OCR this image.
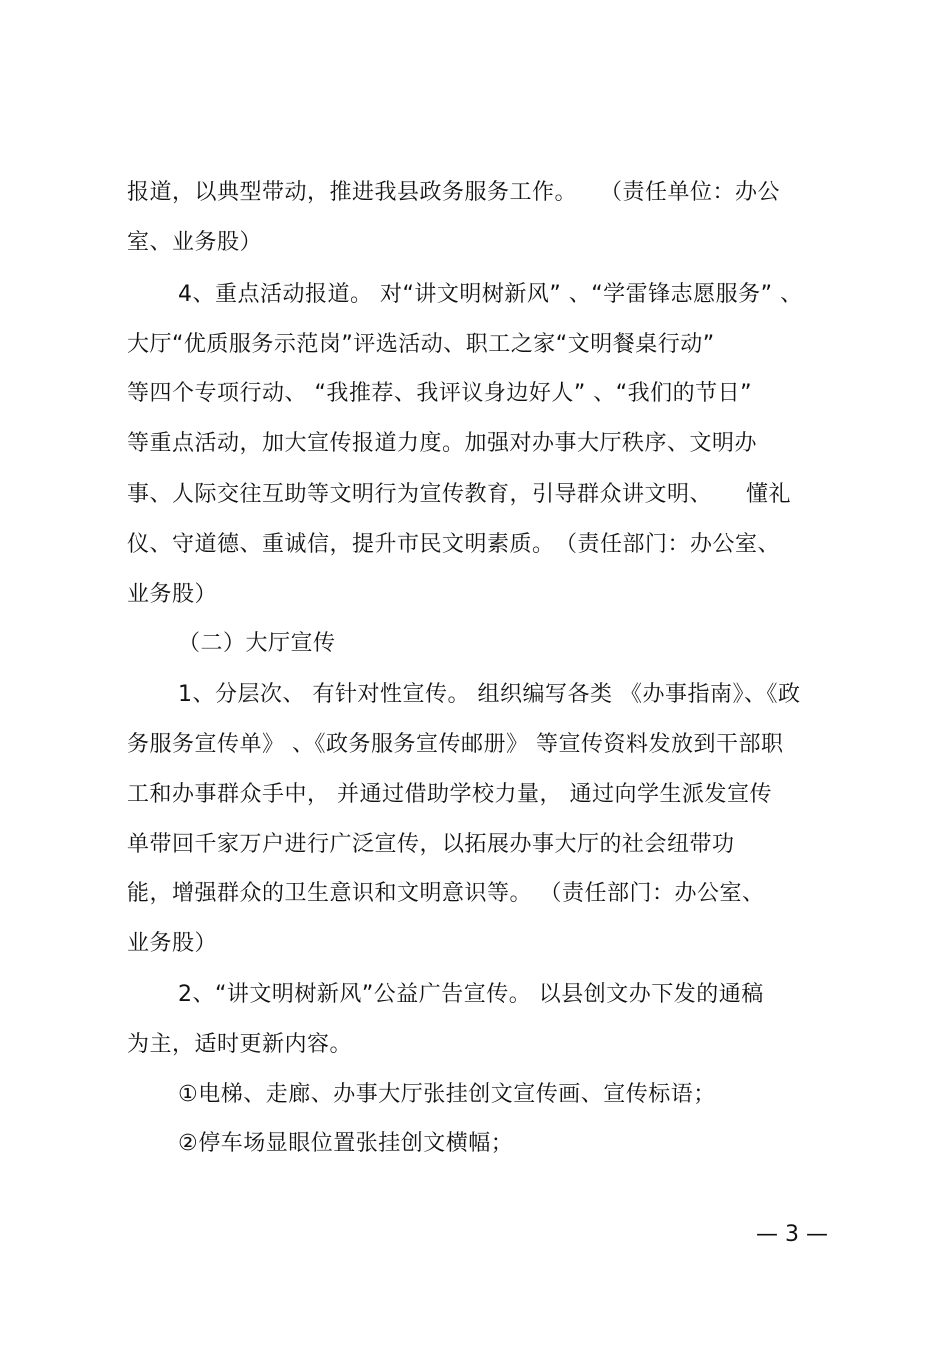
报道，以典型带动，推进我县政务服务工作。　　（责任单位：办公
室、业务股）
4、重点活动报道。 对“讲文明树新风” 、“学雷锋志愿服务” 、
大厅“优质服务示范岗”评选活动、职工之家“文明餐桌行动”
等四个专项行动、 “我推荐、我评议身边好人” 、“我们的节日”
等重点活动，加大宣传报道力度。加强对办事大厅秩序、文明办
事、人际交往互助等文明行为宣传教育，引导群众讲文明、　　懂礼
仪、守道德、重诚信，提升市民文明素质。　（责任部门：办公室、
业务股）
（二）大厅宣传
1、分层次、 有针对性宣传。 组织编写各类 《办事指南》、《政
务服务宣传单》 、《政务服务宣传邮册》 等宣传资料发放到干部职
工和办事群众手中， 并通过借助学校力量， 通过向学生派发宣传
单带回千家万户进行广泛宣传，以拓展办事大厅的社会纽带功
能，增强群众的卫生意识和文明意识等。 （责任部门：办公室、
业务股）
2、“讲文明树新风”公益广告宣传。 以县创文办下发的通稿
为主，适时更新内容。
①电梯、走廊、办事大厅张挂创文宣传画、宣传标语；
②停车场显眼位置张挂创文横幅；
— 3 —
